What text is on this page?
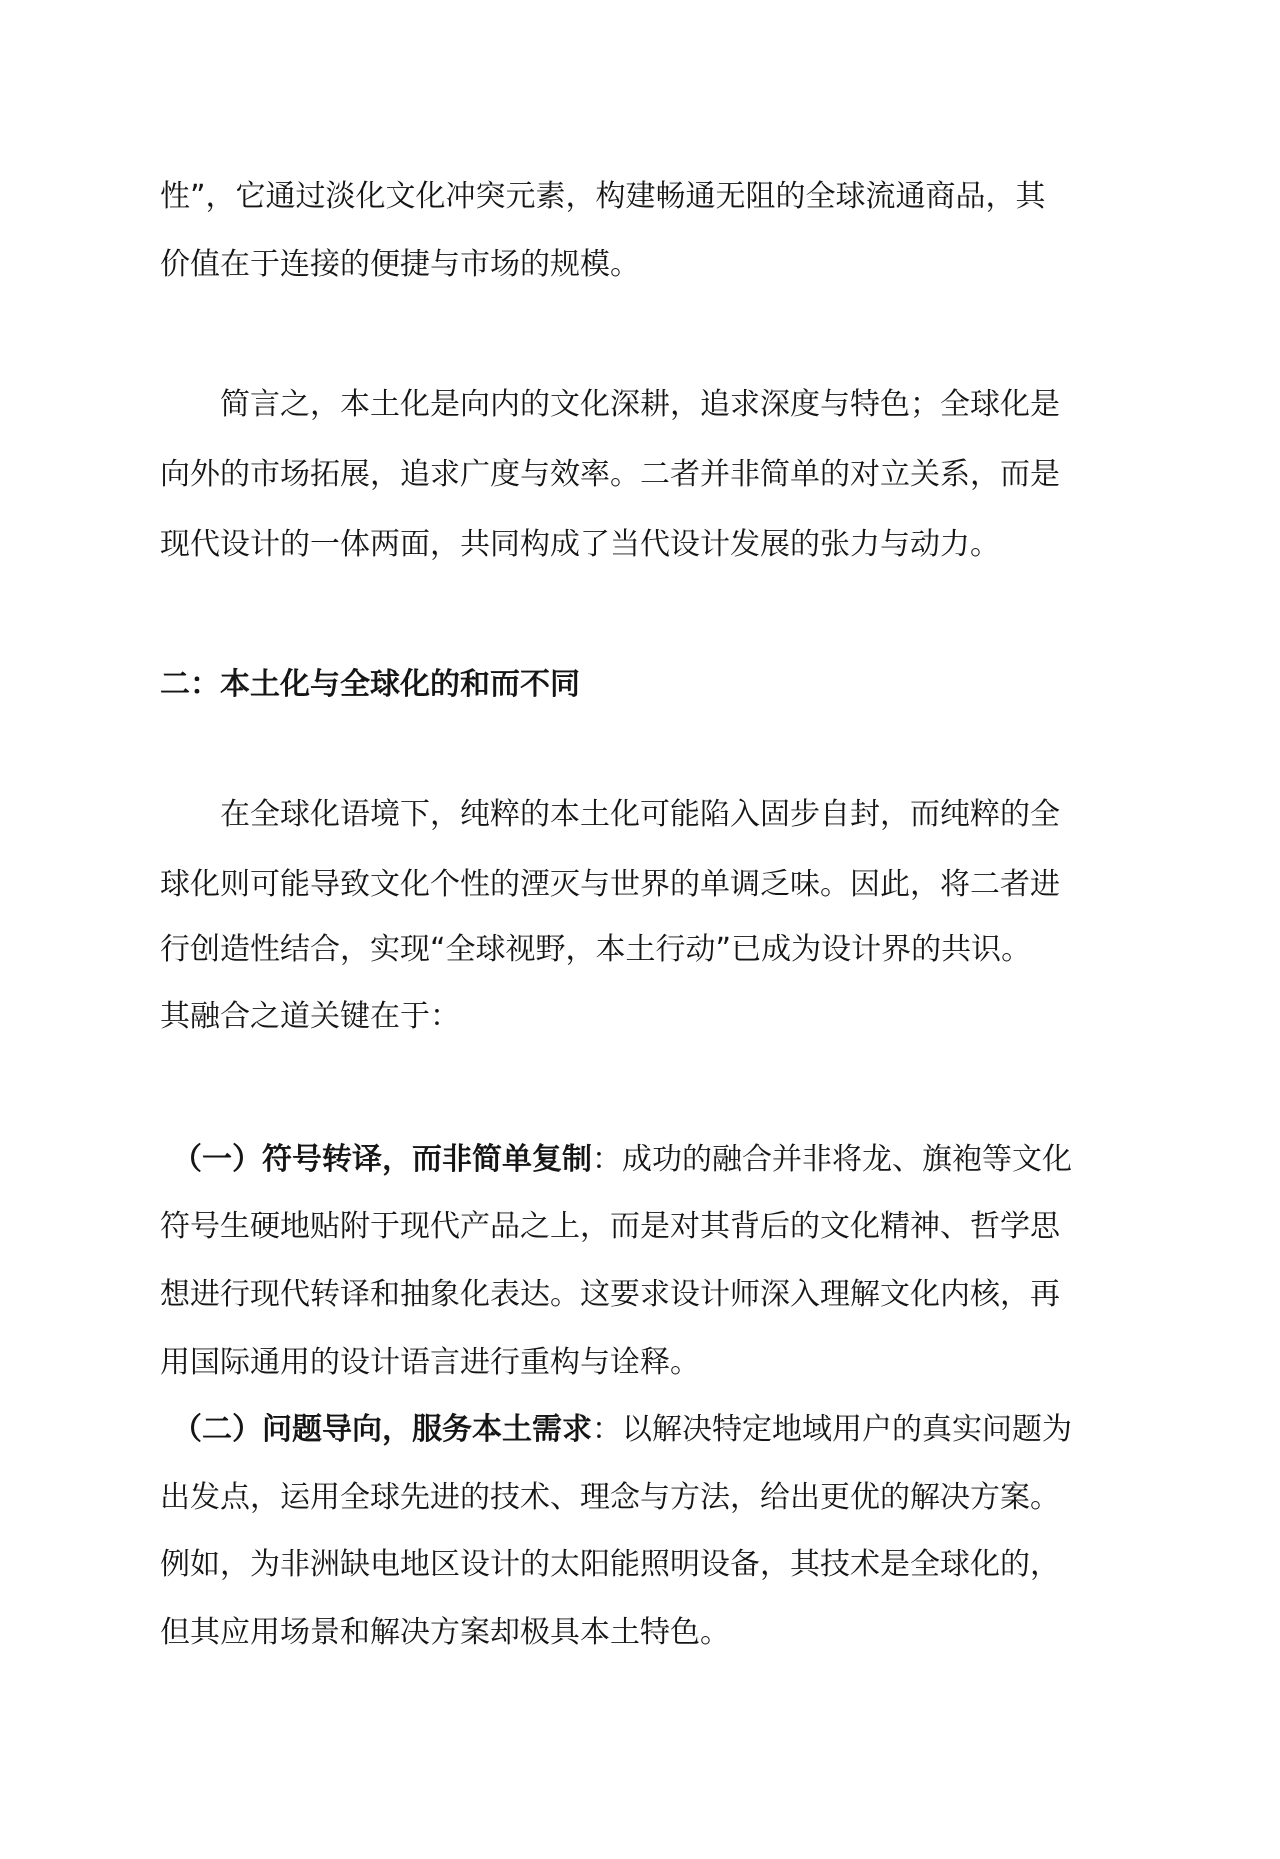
性”，它通过淡化文化冲突元素，构建畅通无阻的全球流通商品，其
价值在于连接的便捷与市场的规模。
简言之，本土化是向内的文化深耕，追求深度与特色；全球化是
向外的市场拓展，追求广度与效率。二者并非简单的对立关系，而是
现代设计的一体两面，共同构成了当代设计发展的张力与动力。
二：本土化与全球化的和而不同
在全球化语境下，纯粹的本土化可能陷入固步自封，而纯粹的全
球化则可能导致文化个性的湮灭与世界的单调乏味。因此，将二者进
行创造性结合，实现“全球视野，本土行动”已成为设计界的共识。
其融合之道关键在于：
（一）符号转译，而非简单复制：成功的融合并非将龙、旗袍等文化
符号生硬地贴附于现代产品之上，而是对其背后的文化精神、哲学思
想进行现代转译和抽象化表达。这要求设计师深入理解文化内核，再
用国际通用的设计语言进行重构与诠释。
（二）问题导向，服务本土需求：以解决特定地域用户的真实问题为
出发点，运用全球先进的技术、理念与方法，给出更优的解决方案。
例如，为非洲缺电地区设计的太阳能照明设备，其技术是全球化的，
但其应用场景和解决方案却极具本土特色。
